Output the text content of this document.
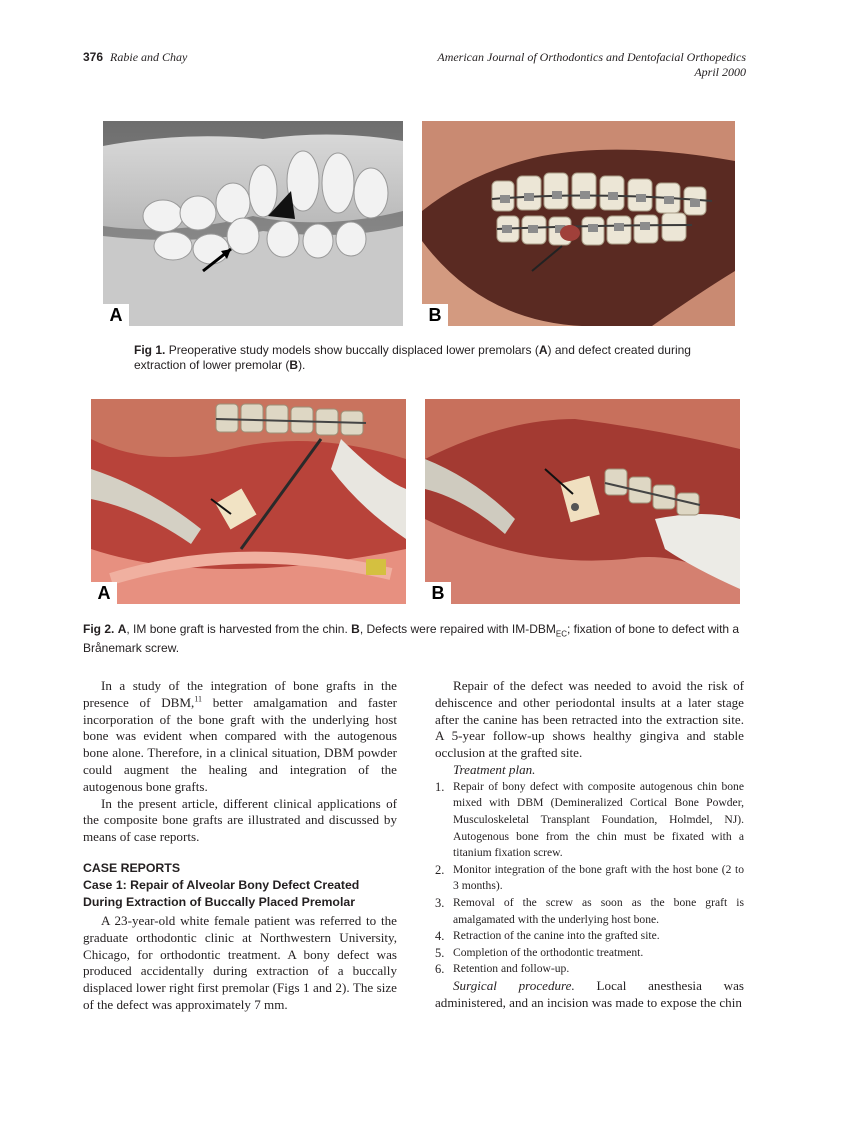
376 Rabie and Chay	American Journal of Orthodontics and Dentofacial Orthopedics
April 2000
A	B
Fig 1. Preoperative study models show buccally displaced lower premolars (A) and defect created during extraction of lower premolar (B).
A	B
Fig 2. A, IM bone graft is harvested from the chin. B, Defects were repaired with $IM-DBM_{EC}$; fixation of bone to defect with a Brånemark screw.

In a study of the integration of bone grafts in the presence of DBM,$^{11}$ better amalgamation and faster incorporation of the bone graft with the underlying host bone was evident when compared with the autogenous bone alone. Therefore, in a clinical situation, DBM powder could augment the healing and integration of the autogenous bone grafts.

In the present article, different clinical applications of the composite bone grafts are illustrated and discussed by means of case reports.

CASE REPORTS
Case 1: Repair of Alveolar Bony Defect Created During Extraction of Buccally Placed Premolar

A 23-year-old white female patient was referred to the graduate orthodontic clinic at Northwestern University, Chicago, for orthodontic treatment. A bony defect was produced accidentally during extraction of a buccally displaced lower right first premolar (Figs 1 and 2). The size of the defect was approximately 7 mm.

Repair of the defect was needed to avoid the risk of dehiscence and other periodontal insults at a later stage after the canine has been retracted into the extraction site. A 5-year follow-up shows healthy gingiva and stable occlusion at the grafted site.

Treatment plan.

1. Repair of bony defect with composite autogenous chin bone mixed with DBM (Demineralized Cortical Bone Powder, Musculoskeletal Transplant Foundation, Holmdel, NJ). Autogenous bone from the chin must be fixated with a titanium fixation screw.
2. Monitor integration of the bone graft with the host bone (2 to 3 months).
3. Removal of the screw as soon as the bone graft is amalgamated with the underlying host bone.
4. Retraction of the canine into the grafted site.
5. Completion of the orthodontic treatment.
6. Retention and follow-up.

Surgical procedure. Local anesthesia was administered, and an incision was made to expose the chin
